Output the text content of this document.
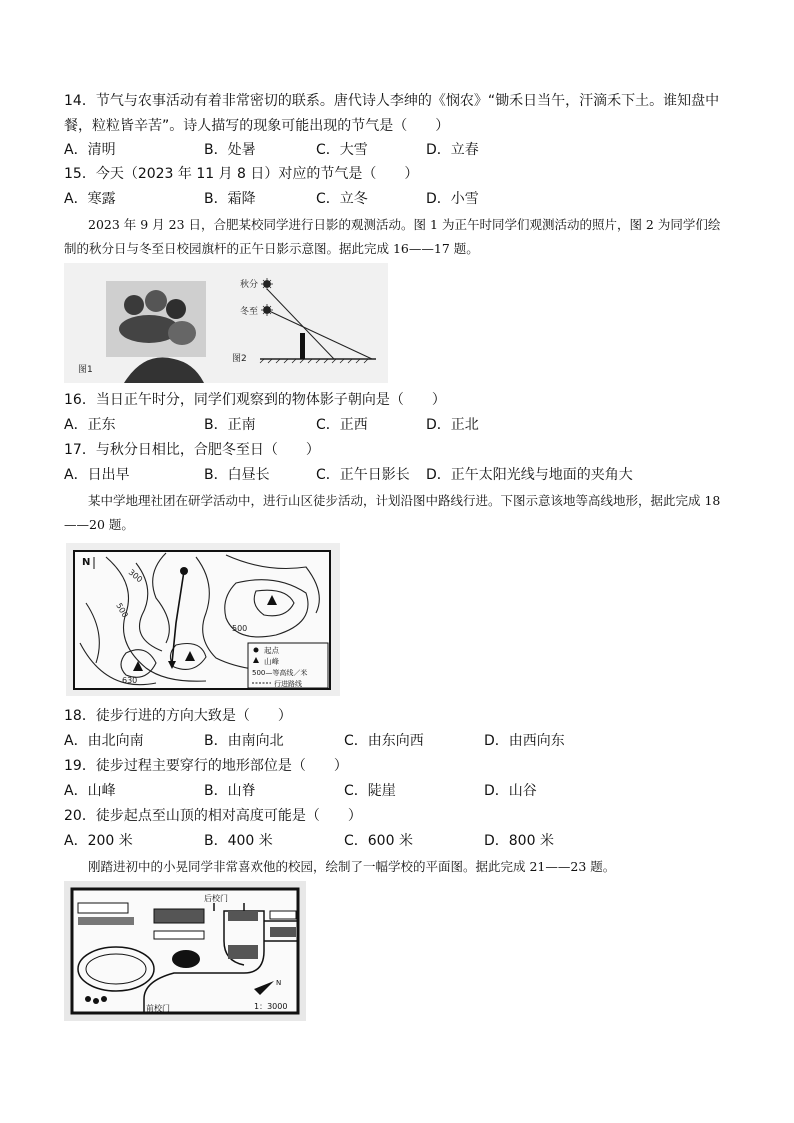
14．节气与农事活动有着非常密切的联系。唐代诗人李绅的《悯农》“锄禾日当午，汗滴禾下土。谁知盘中餐，粒粒皆辛苦”。诗人描写的现象可能出现的节气是（　　）
A．清明	B．处暑	C．大雪	D．立春
15．今天（2023 年 11 月 8 日）对应的节气是（　　）
A．寒露	B．霜降	C．立冬	D．小雪
2023 年 9 月 23 日，合肥某校同学进行日影的观测活动。图 1 为正午时同学们观测活动的照片，图 2 为同学们绘制的秋分日与冬至日校园旗杆的正午日影示意图。据此完成 16——17 题。
图1
图2
秋分
冬至
16．当日正午时分，同学们观察到的物体影子朝向是（　　）
A．正东	B．正南	C．正西	D．正北
17．与秋分日相比，合肥冬至日（　　）
A．日出早	B．白昼长	C．正午日影长 D．正午太阳光线与地面的夹角大
某中学地理社团在研学活动中，进行山区徒步活动，计划沿图中路线行进。下图示意该地等高线地形，据此完成 18——20 题。
N
300
500
500
630
起点
山峰
500—等高线／米
行进路线
18．徒步行进的方向大致是（　　）
A．由北向南	B．由南向北	C．由东向西	D．由西向东
19．徒步过程主要穿行的地形部位是（　　）
A．山峰	B．山脊	C．陡崖	D．山谷
20．徒步起点至山顶的相对高度可能是（　　）
A．200 米	B．400 米	C．600 米	D．800 米
刚踏进初中的小晃同学非常喜欢他的校园，绘制了一幅学校的平面图。据此完成 21——23 题。
后校门
前校门	1：3000
N
